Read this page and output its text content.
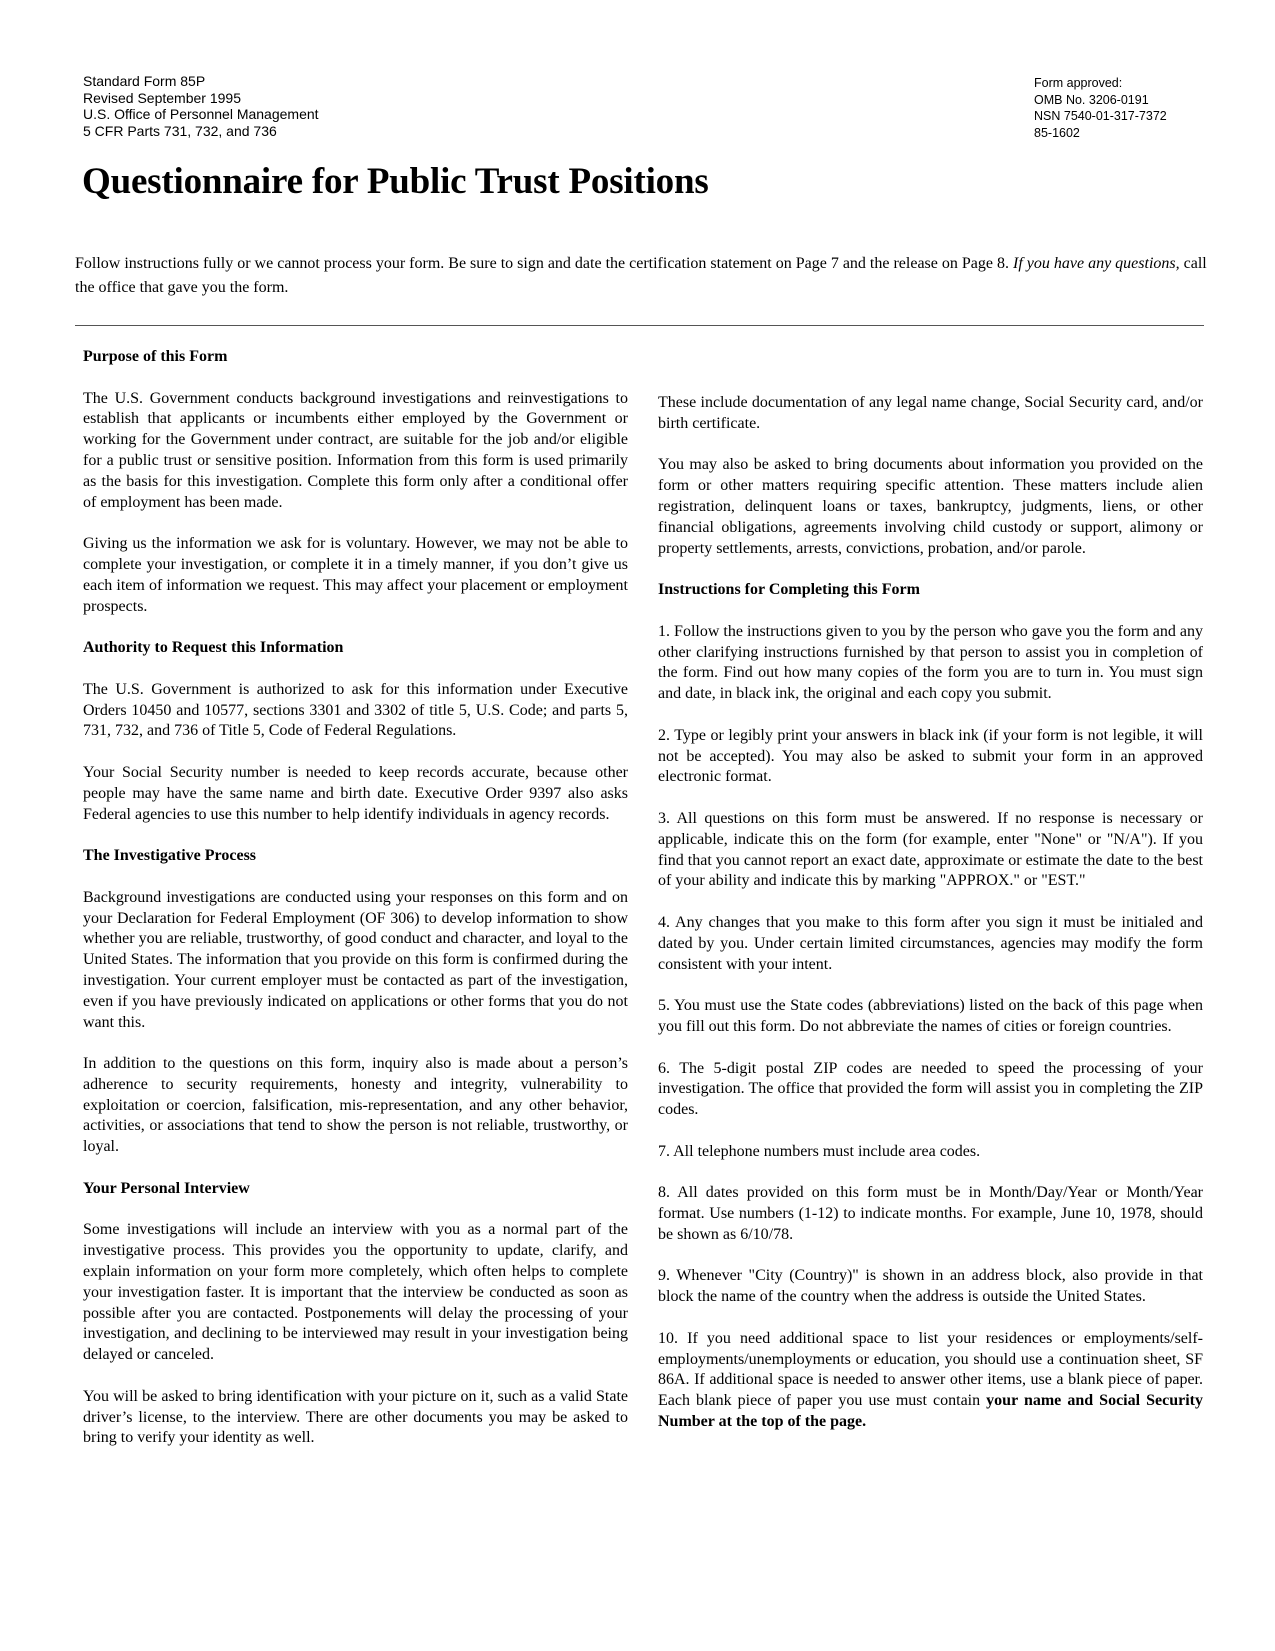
Standard Form 85P
Revised September 1995
U.S. Office of Personnel Management
5 CFR Parts 731, 732, and 736
Form approved:
OMB No. 3206-0191
NSN 7540-01-317-7372
85-1602
Questionnaire for Public Trust Positions
Follow instructions fully or we cannot process your form. Be sure to sign and date the certification statement on Page 7 and the release on Page 8. If you have any questions, call the office that gave you the form.
Purpose of this Form

The U.S. Government conducts background investigations and reinvestigations to establish that applicants or incumbents either employed by the Government or working for the Government under contract, are suitable for the job and/or eligible for a public trust or sensitive position. Information from this form is used primarily as the basis for this investigation. Complete this form only after a conditional offer of employment has been made.

Giving us the information we ask for is voluntary. However, we may not be able to complete your investigation, or complete it in a timely manner, if you don’t give us each item of information we request. This may affect your placement or employment prospects.

Authority to Request this Information

The U.S. Government is authorized to ask for this information under Executive Orders 10450 and 10577, sections 3301 and 3302 of title 5, U.S. Code; and parts 5, 731, 732, and 736 of Title 5, Code of Federal Regulations.

Your Social Security number is needed to keep records accurate, because other people may have the same name and birth date. Executive Order 9397 also asks Federal agencies to use this number to help identify individuals in agency records.

The Investigative Process

Background investigations are conducted using your responses on this form and on your Declaration for Federal Employment (OF 306) to develop information to show whether you are reliable, trustworthy, of good conduct and character, and loyal to the United States. The information that you provide on this form is confirmed during the investigation. Your current employer must be contacted as part of the investigation, even if you have previously indicated on applications or other forms that you do not want this.

In addition to the questions on this form, inquiry also is made about a person’s adherence to security requirements, honesty and integrity, vulnerability to exploitation or coercion, falsification, mis-representation, and any other behavior, activities, or associations that tend to show the person is not reliable, trustworthy, or loyal.

Your Personal Interview

Some investigations will include an interview with you as a normal part of the investigative process. This provides you the opportunity to update, clarify, and explain information on your form more completely, which often helps to complete your investigation faster. It is important that the interview be conducted as soon as possible after you are contacted. Postponements will delay the processing of your investigation, and declining to be interviewed may result in your investigation being delayed or canceled.

You will be asked to bring identification with your picture on it, such as a valid State driver’s license, to the interview. There are other documents you may be asked to bring to verify your identity as well.

These include documentation of any legal name change, Social Security card, and/or birth certificate.

You may also be asked to bring documents about information you provided on the form or other matters requiring specific attention. These matters include alien registration, delinquent loans or taxes, bankruptcy, judgments, liens, or other financial obligations, agreements involving child custody or support, alimony or property settlements, arrests, convictions, probation, and/or parole.

Instructions for Completing this Form

1. Follow the instructions given to you by the person who gave you the form and any other clarifying instructions furnished by that person to assist you in completion of the form. Find out how many copies of the form you are to turn in. You must sign and date, in black ink, the original and each copy you submit.

2. Type or legibly print your answers in black ink (if your form is not legible, it will not be accepted). You may also be asked to submit your form in an approved electronic format.

3. All questions on this form must be answered. If no response is necessary or applicable, indicate this on the form (for example, enter "None" or "N/A"). If you find that you cannot report an exact date, approximate or estimate the date to the best of your ability and indicate this by marking "APPROX." or "EST."

4. Any changes that you make to this form after you sign it must be initialed and dated by you. Under certain limited circumstances, agencies may modify the form consistent with your intent.

5. You must use the State codes (abbreviations) listed on the back of this page when you fill out this form. Do not abbreviate the names of cities or foreign countries.

6. The 5-digit postal ZIP codes are needed to speed the processing of your investigation. The office that provided the form will assist you in completing the ZIP codes.

7. All telephone numbers must include area codes.

8. All dates provided on this form must be in Month/Day/Year or Month/Year format. Use numbers (1-12) to indicate months. For example, June 10, 1978, should be shown as 6/10/78.

9. Whenever "City (Country)" is shown in an address block, also provide in that block the name of the country when the address is outside the United States.

10. If you need additional space to list your residences or employments/self-employments/unemployments or education, you should use a continuation sheet, SF 86A. If additional space is needed to answer other items, use a blank piece of paper. Each blank piece of paper you use must contain your name and Social Security Number at the top of the page.
